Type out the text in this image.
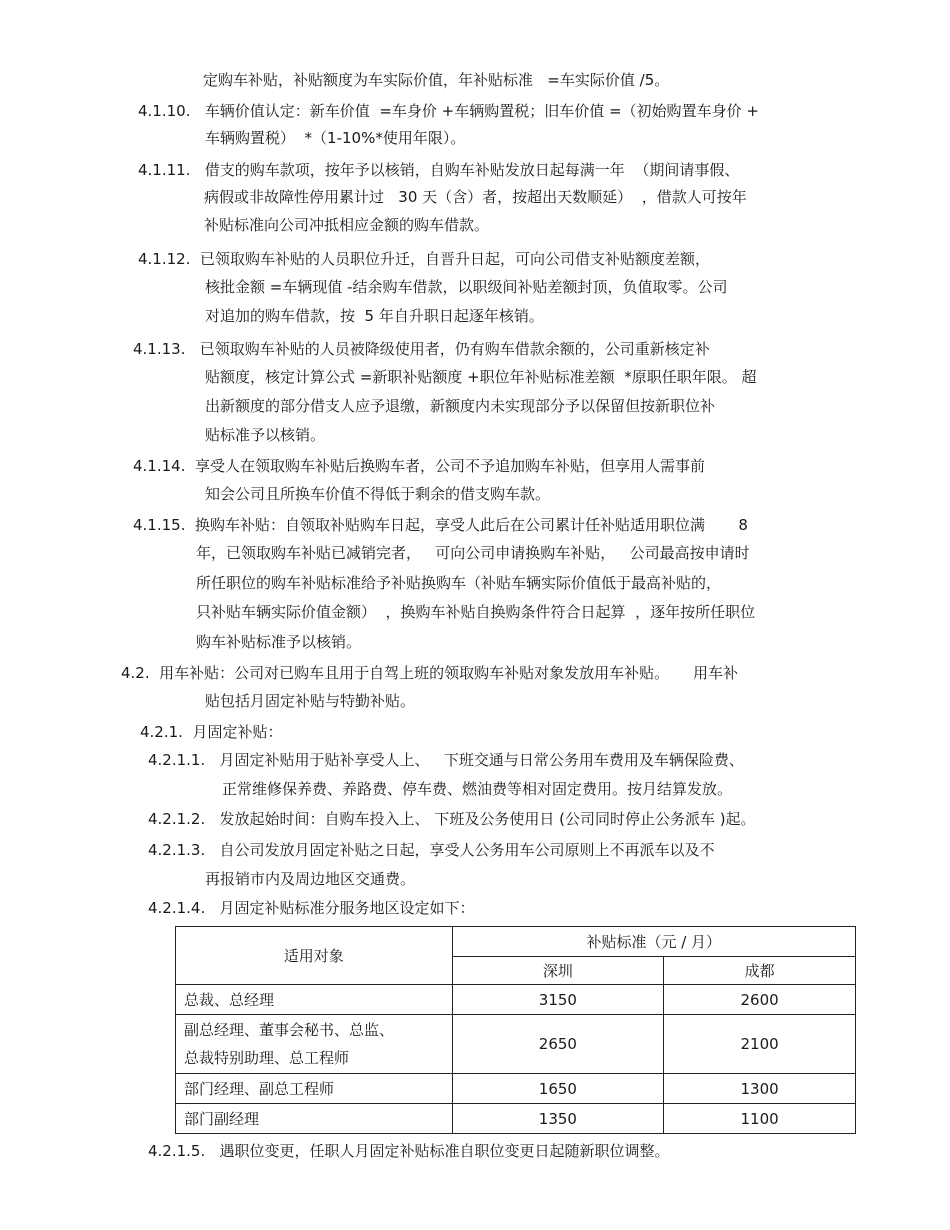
定购车补贴，补贴额度为车实际价值，年补贴标准   =车实际价值 /5。
4.1.10.   车辆价值认定：新车价值  =车身价 +车辆购置税；旧车价值 =（初始购置车身价 +
车辆购置税）  *（1-10%*使用年限）。
4.1.11.   借支的购车款项，按年予以核销，自购车补贴发放日起每满一年  （期间请事假、
病假或非故障性停用累计过   30 天（含）者，按超出天数顺延）  ，借款人可按年
补贴标准向公司冲抵相应金额的购车借款。
4.1.12.  已领取购车补贴的人员职位升迁，自晋升日起，可向公司借支补贴额度差额，
核批金额 =车辆现值 -结余购车借款，以职级间补贴差额封顶，负值取零。公司
对追加的购车借款，按  5 年自升职日起逐年核销。
4.1.13.   已领取购车补贴的人员被降级使用者，仍有购车借款余额的，公司重新核定补
贴额度，核定计算公式 =新职补贴额度 +职位年补贴标准差额  *原职任职年限。 超
出新额度的部分借支人应予退缴，新额度内未实现部分予以保留但按新职位补
贴标准予以核销。
4.1.14.  享受人在领取购车补贴后换购车者，公司不予追加购车补贴，但享用人需事前
知会公司且所换车价值不得低于剩余的借支购车款。
4.1.15.  换购车补贴：自领取补贴购车日起，享受人此后在公司累计任补贴适用职位满       8
年，已领取购车补贴已减销完者，   可向公司申请换购车补贴，   公司最高按申请时
所任职位的购车补贴标准给予补贴换购车（补贴车辆实际价值低于最高补贴的，
只补贴车辆实际价值金额）  ，换购车补贴自换购条件符合日起算  ，逐年按所任职位
购车补贴标准予以核销。
4.2.  用车补贴：公司对已购车且用于自驾上班的领取购车补贴对象发放用车补贴。     用车补
贴包括月固定补贴与特勤补贴。
4.2.1.  月固定补贴：
4.2.1.1.   月固定补贴用于贴补享受人上、   下班交通与日常公务用车费用及车辆保险费、
正常维修保养费、养路费、停车费、燃油费等相对固定费用。按月结算发放。
4.2.1.2.   发放起始时间：自购车投入上、 下班及公务使用日 (公司同时停止公务派车 )起。
4.2.1.3.   自公司发放月固定补贴之日起，享受人公务用车公司原则上不再派车以及不
再报销市内及周边地区交通费。
4.2.1.4.   月固定补贴标准分服务地区设定如下：
适用对象	补贴标准（元 / 月）	
	深圳	成都
总裁、总经理	3150	2600

副总经理、董事会秘书、总监、
总裁特别助理、总工程师	2650	2100
部门经理、副总工程师	1650	1300
部门副经理	1350	1100
4.2.1.5.   遇职位变更，任职人月固定补贴标准自职位变更日起随新职位调整。
